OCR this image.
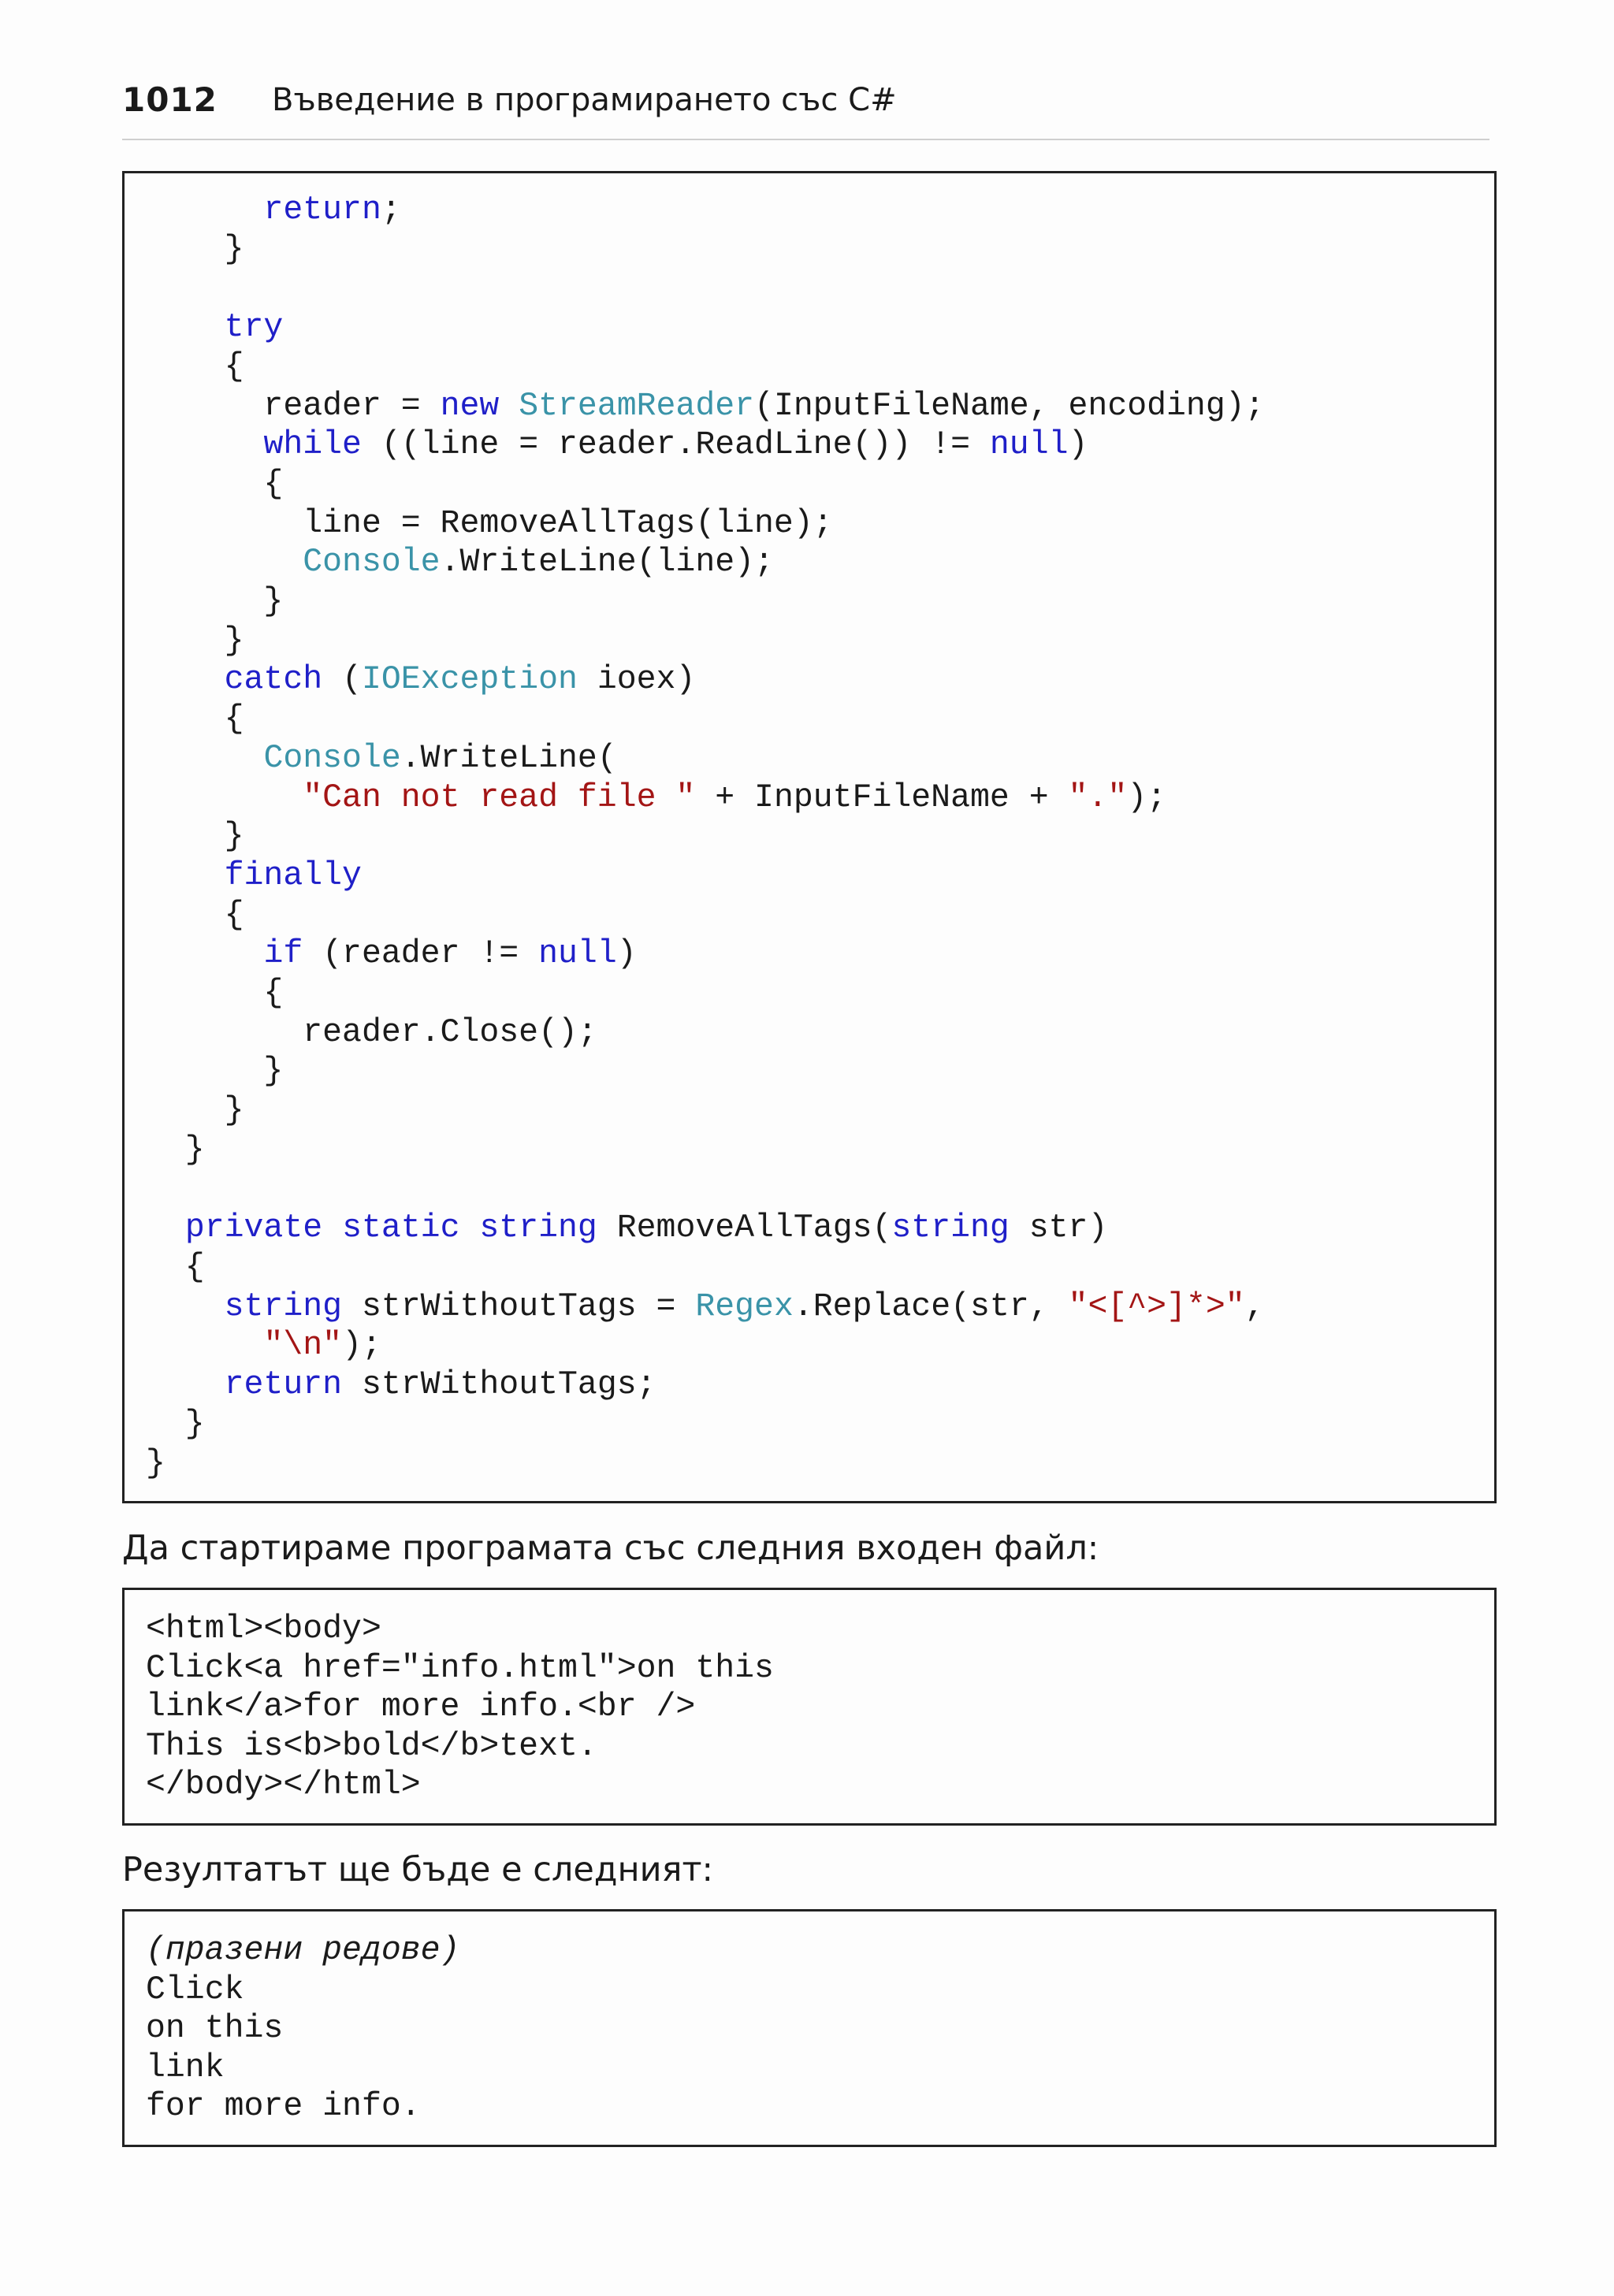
1012 Въведение в програмирането със C#
return;
}

try
{
reader = new StreamReader(InputFileName, encoding);
while ((line = reader.ReadLine()) != null)
{
line = RemoveAllTags(line);
Console.WriteLine(line);
}
}
catch (IOException ioex)
{
Console.WriteLine(
"Can not read file " + InputFileName + ".");
}
finally
{
if (reader != null)
{
reader.Close();
}
}
}

private static string RemoveAllTags(string str)
{
string strWithoutTags = Regex.Replace(str, "<[^>]*>",
"\n");
return strWithoutTags;
}
}
Да стартираме програмата със следния входен файл:
<html><body>
Click<a href="info.html">on this
link</a>for more info.<br />
This is<b>bold</b>text.
</body></html>
Резултатът ще бъде е следният:
(празени редове)
Click
on this
link
for more info.
